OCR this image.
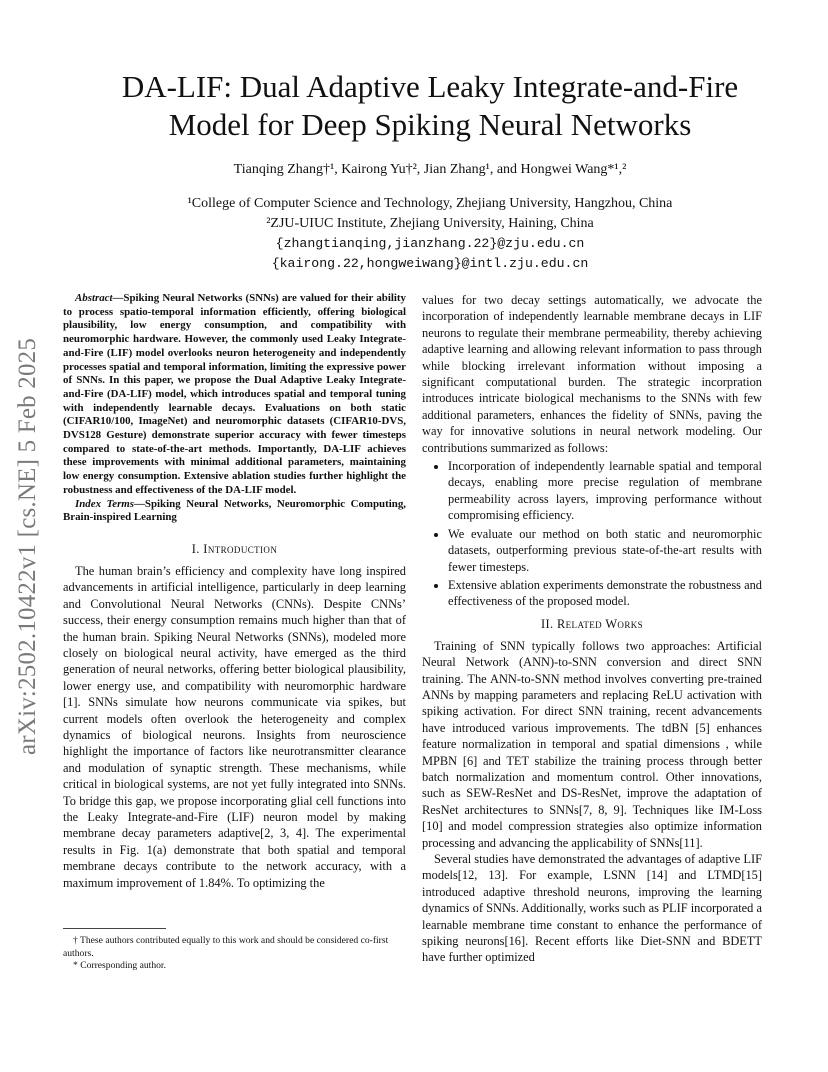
arXiv:2502.10422v1 [cs.NE] 5 Feb 2025
DA-LIF: Dual Adaptive Leaky Integrate-and-Fire
Model for Deep Spiking Neural Networks
Tianqing Zhang†¹, Kairong Yu†², Jian Zhang¹, and Hongwei Wang*¹,²
¹College of Computer Science and Technology, Zhejiang University, Hangzhou, China
²ZJU-UIUC Institute, Zhejiang University, Haining, China
{zhangtianqing,jianzhang.22}@zju.edu.cn
{kairong.22,hongweiwang}@intl.zju.edu.cn

Abstract—Spiking Neural Networks (SNNs) are valued for their ability to process spatio-temporal information efficiently, offering biological plausibility, low energy consumption, and compatibility with neuromorphic hardware. However, the commonly used Leaky Integrate-and-Fire (LIF) model overlooks neuron heterogeneity and independently processes spatial and temporal information, limiting the expressive power of SNNs. In this paper, we propose the Dual Adaptive Leaky Integrate-and-Fire (DA-LIF) model, which introduces spatial and temporal tuning with independently learnable decays. Evaluations on both static (CIFAR10/100, ImageNet) and neuromorphic datasets (CIFAR10-DVS, DVS128 Gesture) demonstrate superior accuracy with fewer timesteps compared to state-of-the-art methods. Importantly, DA-LIF achieves these improvements with minimal additional parameters, maintaining low energy consumption. Extensive ablation studies further highlight the robustness and effectiveness of the DA-LIF model.

Index Terms—Spiking Neural Networks, Neuromorphic Computing, Brain-inspired Learning

I. Introduction

The human brain’s efficiency and complexity have long inspired advancements in artificial intelligence, particularly in deep learning and Convolutional Neural Networks (CNNs). Despite CNNs’ success, their energy consumption remains much higher than that of the human brain. Spiking Neural Networks (SNNs), modeled more closely on biological neural activity, have emerged as the third generation of neural networks, offering better biological plausibility, lower energy use, and compatibility with neuromorphic hardware [1]. SNNs simulate how neurons communicate via spikes, but current models often overlook the heterogeneity and complex dynamics of biological neurons. Insights from neuroscience highlight the importance of factors like neurotransmitter clearance and modulation of synaptic strength. These mechanisms, while critical in biological systems, are not yet fully integrated into SNNs. To bridge this gap, we propose incorporating glial cell functions into the Leaky Integrate-and-Fire (LIF) neuron model by making membrane decay parameters adaptive[2, 3, 4]. The experimental results in Fig. 1(a) demonstrate that both spatial and temporal membrane decays contribute to the network accuracy, with a maximum improvement of 1.84%. To optimizing the

† These authors contributed equally to this work and should be considered co-first authors.

* Corresponding author.

values for two decay settings automatically, we advocate the incorporation of independently learnable membrane decays in LIF neurons to regulate their membrane permeability, thereby achieving adaptive learning and allowing relevant information to pass through while blocking irrelevant information without imposing a significant computational burden. The strategic incorpration introduces intricate biological mechanisms to the SNNs with few additional parameters, enhances the fidelity of SNNs, paving the way for innovative solutions in neural network modeling. Our contributions summarized as follows:

• Incorporation of independently learnable spatial and temporal decays, enabling more precise regulation of membrane permeability across layers, improving performance without compromising efficiency.
• We evaluate our method on both static and neuromorphic datasets, outperforming previous state-of-the-art results with fewer timesteps.
• Extensive ablation experiments demonstrate the robustness and effectiveness of the proposed model.
II. Related Works

Training of SNN typically follows two approaches: Artificial Neural Network (ANN)-to-SNN conversion and direct SNN training. The ANN-to-SNN method involves converting pre-trained ANNs by mapping parameters and replacing ReLU activation with spiking activation. For direct SNN training, recent advancements have introduced various improvements. The tdBN [5] enhances feature normalization in temporal and spatial dimensions , while MPBN [6] and TET stabilize the training process through better batch normalization and momentum control. Other innovations, such as SEW-ResNet and DS-ResNet, improve the adaptation of ResNet architectures to SNNs[7, 8, 9]. Techniques like IM-Loss [10] and model compression strategies also optimize information processing and advancing the applicability of SNNs[11].

Several studies have demonstrated the advantages of adaptive LIF models[12, 13]. For example, LSNN [14] and LTMD[15] introduced adaptive threshold neurons, improving the learning dynamics of SNNs. Additionally, works such as PLIF incorporated a learnable membrane time constant to enhance the performance of spiking neurons[16]. Recent efforts like Diet-SNN and BDETT have further optimized
